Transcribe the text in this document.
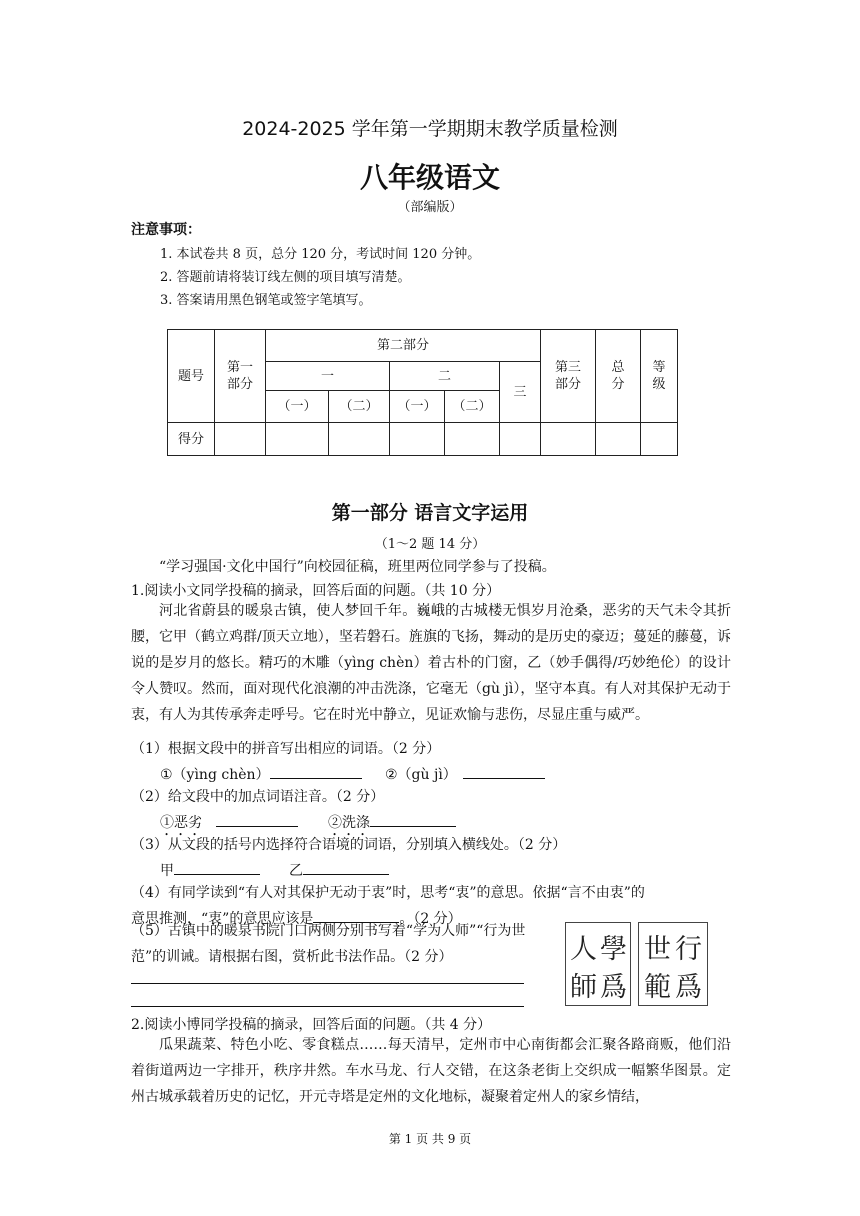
2024-2025 学年第一学期期末教学质量检测
八年级语文
（部编版）
注意事项：
1. 本试卷共 8 页，总分 120 分，考试时间 120 分钟。
2. 答题前请将装订线左侧的项目填写清楚。
3. 答案请用黑色钢笔或签字笔填写。
题号	第一部分	第二部分					第三部分	总分	等级
		一		二		三			
		（一）	（二）	（一）	（二）				
得分									
第一部分 语言文字运用
（1～2 题 14 分）
“学习强国·文化中国行”向校园征稿，班里两位同学参与了投稿。
1.阅读小文同学投稿的摘录，回答后面的问题。（共 10 分）
河北省蔚县的暖泉古镇，使人梦回千年。巍峨的古城楼无惧岁月沧桑，恶劣的天气未令其折腰，它甲（鹤立鸡群/顶天立地），坚若磐石。旌旗的飞扬，舞动的是历史的豪迈；蔓延的藤蔓，诉说的是岁月的悠长。精巧的木雕（yìng chèn）着古朴的门窗，乙（妙手偶得/巧妙绝伦）的设计令人赞叹。然而，面对现代化浪潮的冲击洗涤，它毫无（gù jì），坚守本真。有人对其保护无动于衷，有人为其传承奔走呼号。它在时光中静立，见证欢愉与悲伤，尽显庄重与威严。
（1）根据文段中的拼音写出相应的词语。（2 分）
①（yìng chèn）	②（gù jì）
（2）给文段中的加点词语注音。（2 分）
①恶劣	②洗涤
（3）从文段的括号内选择符合语境的词语，分别填入横线处。（2 分）
甲	乙
（4）有同学读到“有人对其保护无动于衷”时，思考“衷”的意思。依据“言不由衷”的
意思推测，“衷”的意思应该是	。（2 分）
（5）古镇中的暖泉书院门口两侧分别书写着“学为人师”“行为世范”的训诫。请根据右图，赏析此书法作品。（2 分）	學
人
爲
師
行
世
爲
範
2.阅读小博同学投稿的摘录，回答后面的问题。（共 4 分）
瓜果蔬菜、特色小吃、零食糕点……每天清早，定州市中心南街都会汇聚各路商贩，他们沿着街道两边一字排开，秩序井然。车水马龙、行人交错，在这条老街上交织成一幅繁华图景。定州古城承载着历史的记忆，开元寺塔是定州的文化地标，凝聚着定州人的家乡情结，
第 1 页 共 9 页
